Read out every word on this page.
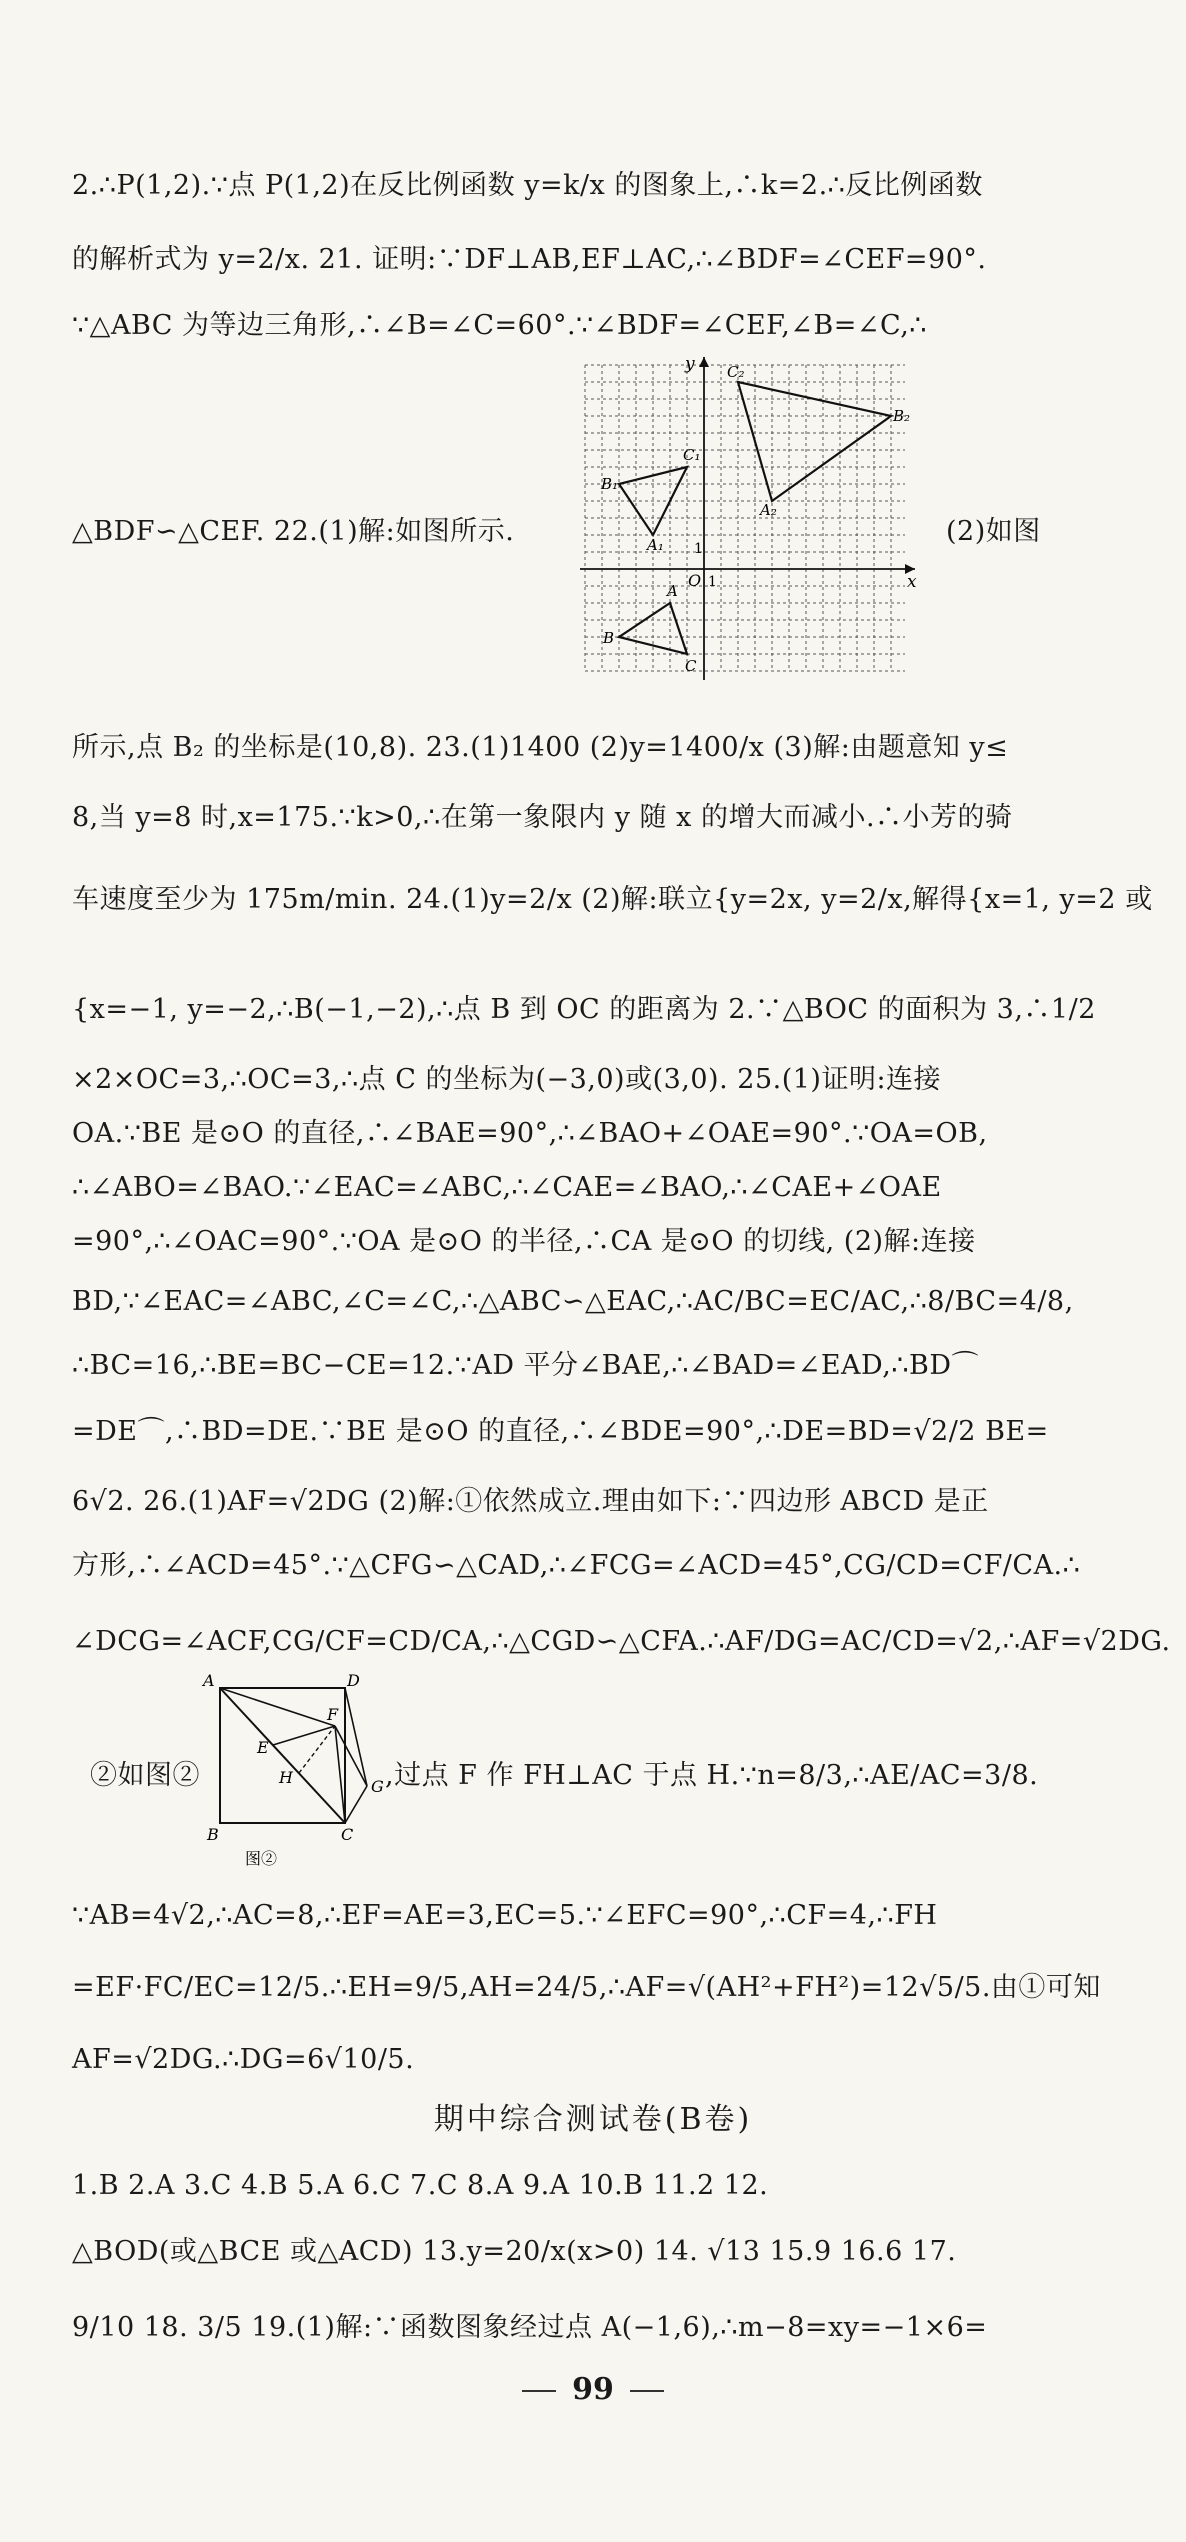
2.∴P(1,2).∵点 P(1,2)在反比例函数 y=k/x 的图象上,∴k=2.∴反比例函数
的解析式为 y=2/x. 21. 证明:∵DF⊥AB,EF⊥AC,∴∠BDF=∠CEF=90°.
∵△ABC 为等边三角形,∴∠B=∠C=60°.∵∠BDF=∠CEF,∠B=∠C,∴
x
y
O 1
1
C₂
B₂
A₂
C₁
B₁
A₁
A
B
C
△BDF∽△CEF. 22.(1)解:如图所示.	(2)如图
所示,点 B₂ 的坐标是(10,8). 23.(1)1400 (2)y=1400/x (3)解:由题意知 y≤
8,当 y=8 时,x=175.∵k>0,∴在第一象限内 y 随 x 的增大而减小.∴小芳的骑
车速度至少为 175m/min. 24.(1)y=2/x (2)解:联立{y=2x, y=2/x,解得{x=1, y=2 或
{x=−1, y=−2,∴B(−1,−2),∴点 B 到 OC 的距离为 2.∵△BOC 的面积为 3,∴1/2
×2×OC=3,∴OC=3,∴点 C 的坐标为(−3,0)或(3,0). 25.(1)证明:连接
OA.∵BE 是⊙O 的直径,∴∠BAE=90°,∴∠BAO+∠OAE=90°.∵OA=OB,
∴∠ABO=∠BAO.∵∠EAC=∠ABC,∴∠CAE=∠BAO,∴∠CAE+∠OAE
=90°,∴∠OAC=90°.∵OA 是⊙O 的半径,∴CA 是⊙O 的切线, (2)解:连接
BD,∵∠EAC=∠ABC,∠C=∠C,∴△ABC∽△EAC,∴AC/BC=EC/AC,∴8/BC=4/8,
∴BC=16,∴BE=BC−CE=12.∵AD 平分∠BAE,∴∠BAD=∠EAD,∴BD⌒
=DE⌒,∴BD=DE.∵BE 是⊙O 的直径,∴∠BDE=90°,∴DE=BD=√2/2 BE=
6√2. 26.(1)AF=√2DG (2)解:①依然成立.理由如下:∵四边形 ABCD 是正
方形,∴∠ACD=45°.∵△CFG∽△CAD,∴∠FCG=∠ACD=45°,CG/CD=CF/CA.∴
∠DCG=∠ACF,CG/CF=CD/CA,∴△CGD∽△CFA.∴AF/DG=AC/CD=√2,∴AF=√2DG.
A	D
F
E
H	G
B	C
图②
②如图②	,过点 F 作 FH⊥AC 于点 H.∵n=8/3,∴AE/AC=3/8.
∵AB=4√2,∴AC=8,∴EF=AE=3,EC=5.∵∠EFC=90°,∴CF=4,∴FH
=EF·FC/EC=12/5.∴EH=9/5,AH=24/5,∴AF=√(AH²+FH²)=12√5/5.由①可知
AF=√2DG.∴DG=6√10/5.
期中综合测试卷(B卷)
1.B 2.A 3.C 4.B 5.A 6.C 7.C 8.A 9.A 10.B 11.2 12.
△BOD(或△BCE 或△ACD) 13.y=20/x(x>0) 14. √13 15.9 16.6 17.
9/10 18. 3/5 19.(1)解:∵函数图象经过点 A(−1,6),∴m−8=xy=−1×6=
99
